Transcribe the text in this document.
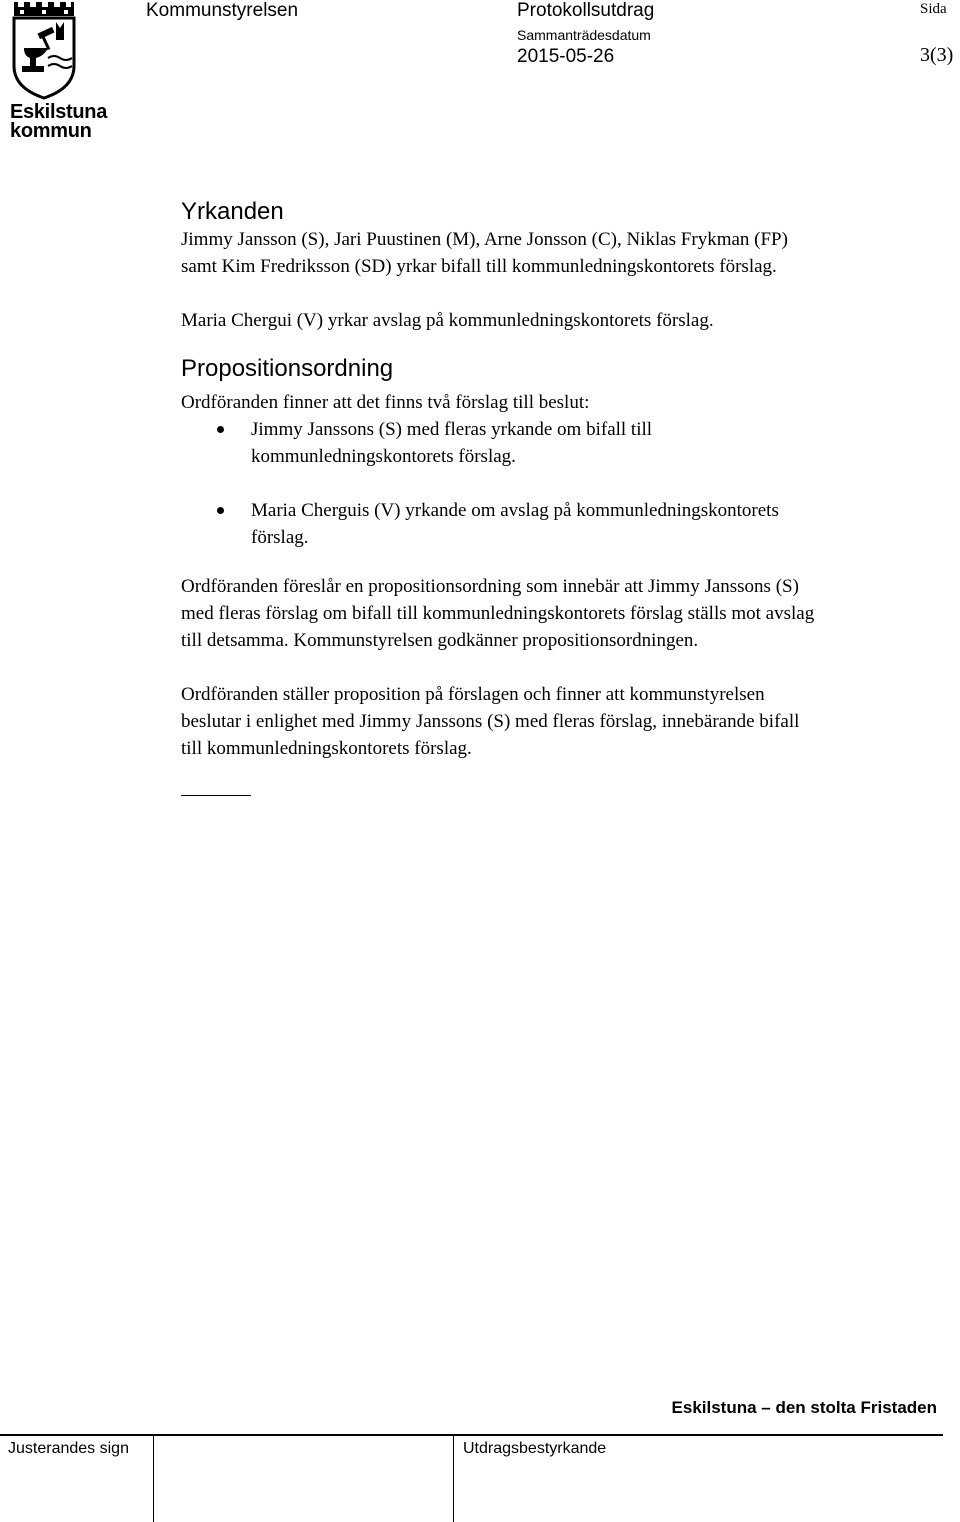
Eskilstuna
kommun
Kommunstyrelsen	Protokollsutdrag
Sammanträdesdatum
2015-05-26
Sida
3(3)
Yrkanden

Jimmy Jansson (S), Jari Puustinen (M), Arne Jonsson (C), Niklas Frykman (FP)

samt Kim Fredriksson (SD) yrkar bifall till kommunledningskontorets förslag.

Maria Chergui (V) yrkar avslag på kommunledningskontorets förslag.

Propositionsordning

Ordföranden finner att det finns två förslag till beslut:

Jimmy Janssons (S) med fleras yrkande om bifall till
kommunledningskontorets förslag.
Maria Cherguis (V) yrkande om avslag på kommunledningskontorets
förslag.

Ordföranden föreslår en propositionsordning som innebär att Jimmy Janssons (S)

med fleras förslag om bifall till kommunledningskontorets förslag ställs mot avslag

till detsamma. Kommunstyrelsen godkänner propositionsordningen.

Ordföranden ställer proposition på förslagen och finner att kommunstyrelsen

beslutar i enlighet med Jimmy Janssons (S) med fleras förslag, innebärande bifall

till kommunledningskontorets förslag.

Eskilstuna – den stolta Fristaden
Justerandes sign	Utdragsbestyrkande
